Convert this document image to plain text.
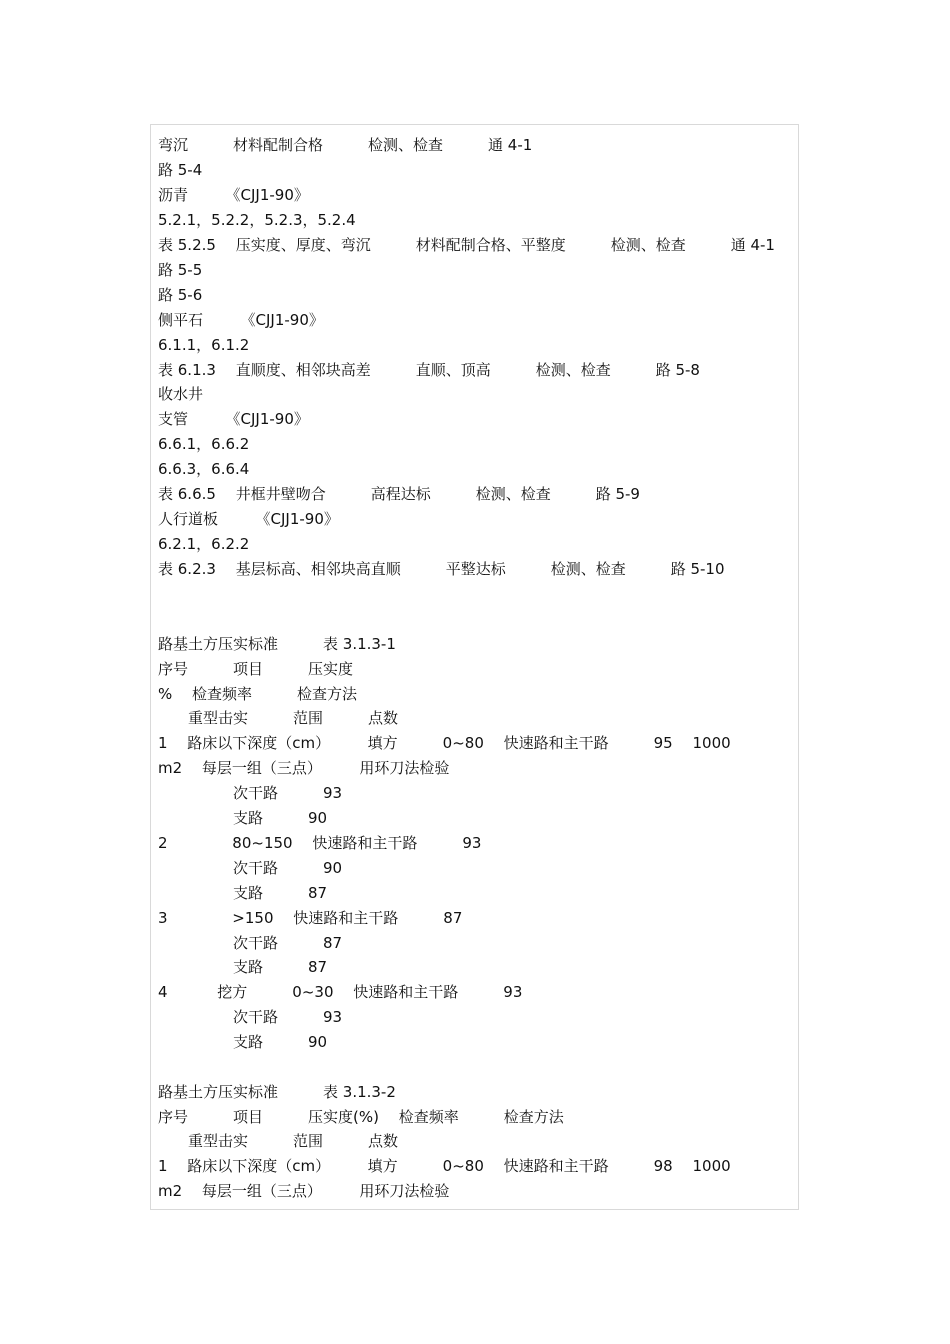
弯沉　　　材料配制合格　　　检测、检查　　　通 4-1
路 5-4
沥青　　　《CJJ1-90》
5.2.1，5.2.2，5.2.3，5.2.4
表 5.2.5　 压实度、厚度、弯沉　　　材料配制合格、平整度　　　检测、检查　　　通 4-1
路 5-5
路 5-6
侧平石　　　《CJJ1-90》
6.1.1，6.1.2
表 6.1.3　 直顺度、相邻块高差　　　直顺、顶高　　　检测、检查　　　路 5-8
收水井
支管　　　《CJJ1-90》
6.6.1，6.6.2
6.6.3，6.6.4
表 6.6.5　 井框井壁吻合　　　高程达标　　　检测、检查　　　路 5-9
人行道板　　　《CJJ1-90》
6.2.1，6.2.2
表 6.2.3　 基层标高、相邻块高直顺　　　平整达标　　　检测、检查　　　路 5-10
路基土方压实标准　　　表 3.1.3-1
序号　　　项目　　　压实度
%　 检查频率　　　检查方法
　　重型击实　　　范围　　　点数
1　 路床以下深度（cm）　　　填方　　　0~80　 快速路和主干路　　　95　 1000
m2　 每层一组（三点）　　　用环刀法检验
　　　　　次干路　　　93
　　　　　支路　　　90
2　　　　 80~150　 快速路和主干路　　　93
　　　　　次干路　　　90
　　　　　支路　　　87
3　　　　 >150　 快速路和主干路　　　87
　　　　　次干路　　　87
　　　　　支路　　　87
4　　　 挖方　　　0~30　 快速路和主干路　　　93
　　　　　次干路　　　93
　　　　　支路　　　90
路基土方压实标准　　　表 3.1.3-2
序号　　　项目　　　压实度(%)　 检查频率　　　检查方法
　　重型击实　　　范围　　　点数
1　 路床以下深度（cm）　　　填方　　　0~80　 快速路和主干路　　　98　 1000
m2　 每层一组（三点）　　　用环刀法检验
